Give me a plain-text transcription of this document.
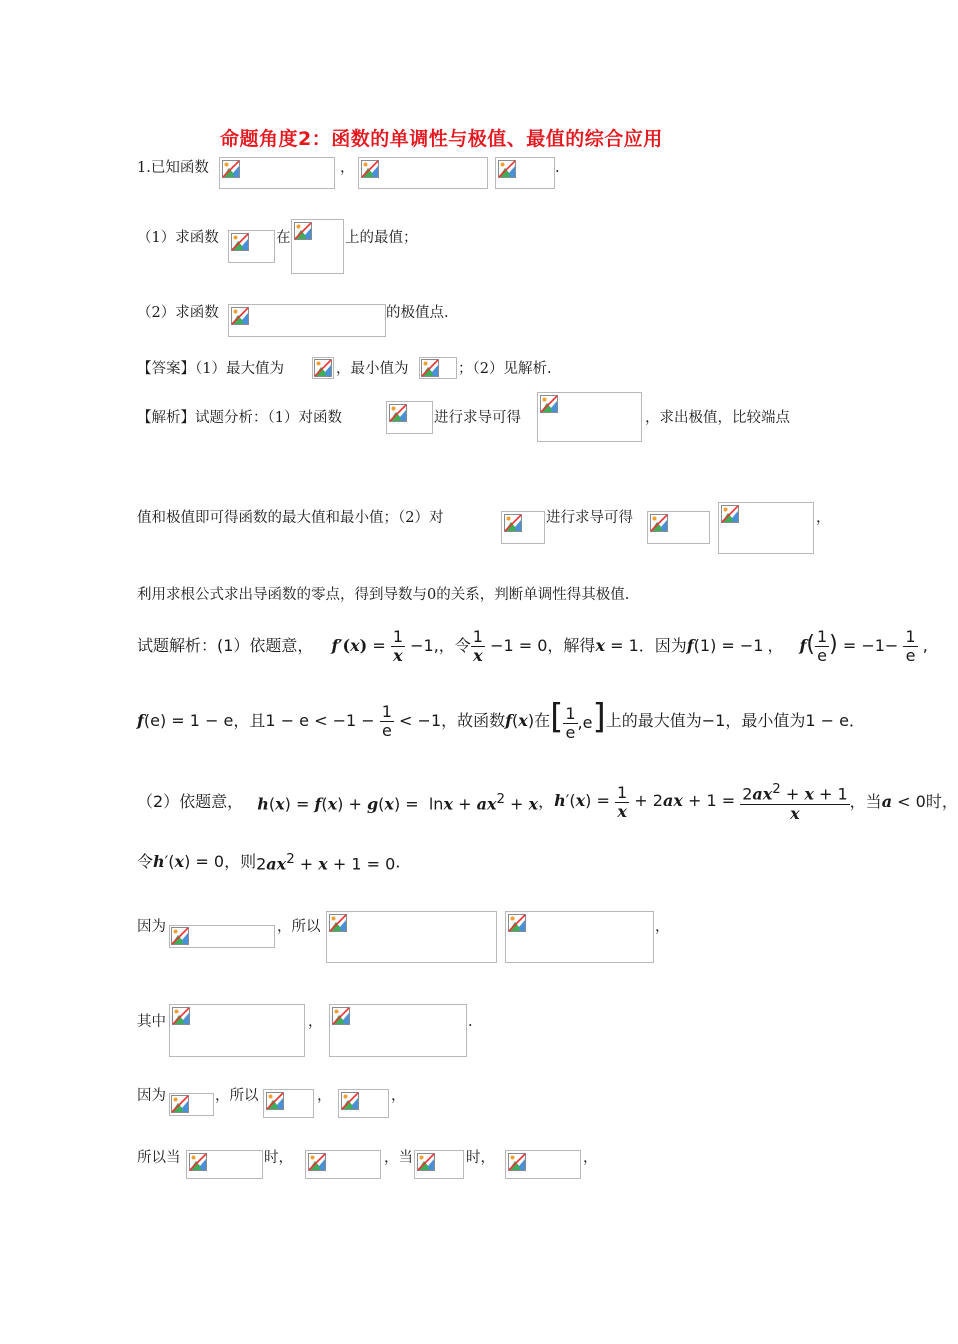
命题角度2：函数的单调性与极值、最值的综合应用
1.已知函数	，	.
（1）求函数	在	上的最值；
（2）求函数	的极值点.
【答案】（1）最大值为	，最小值为	；（2）见解析.
【解析】试题分析：（1）对函数	进行求导可得	，求出极值，比较端点
值和极值即可得函数的最大值和最小值；（2）对	进行求导可得	，
利用求根公式求出导函数的零点，得到导数与0的关系，判断单调性得其极值.
试题解析：(1）依题意， $f'(x) = \frac{1}{x} -1$, ，令 $\frac{1}{x} -1 = 0$ ，解得 x = 1 ．因为 f(1) = −1 ， $f( \frac{1}{e}$ ) = $-1- \frac{1}{e}$ ,
f(e) = 1 − e ，且 $1 - e < -1 - \frac{1}{e} < -1$ ，故函数 f(x) 在 [ $\frac{1}{e} ,e$] 上的最大值为 −1 ，最小值为 1 − e ．
（2）依题意， $h(x) = f(x) + g(x) = \ln x + ax^2 + x$ ， $h'(x) = \frac{1}{x} + 2ax + 1 = \frac{2ax^2 + x + 1}{x}$ ，当 a < 0 时，
令 h′(x) = 0 ，则 $2ax^2 + x + 1 = 0$ ．
因为	，所以	，
其中	，	.
因为	，所以	，	，
所以当	时，	，当	时，	，
